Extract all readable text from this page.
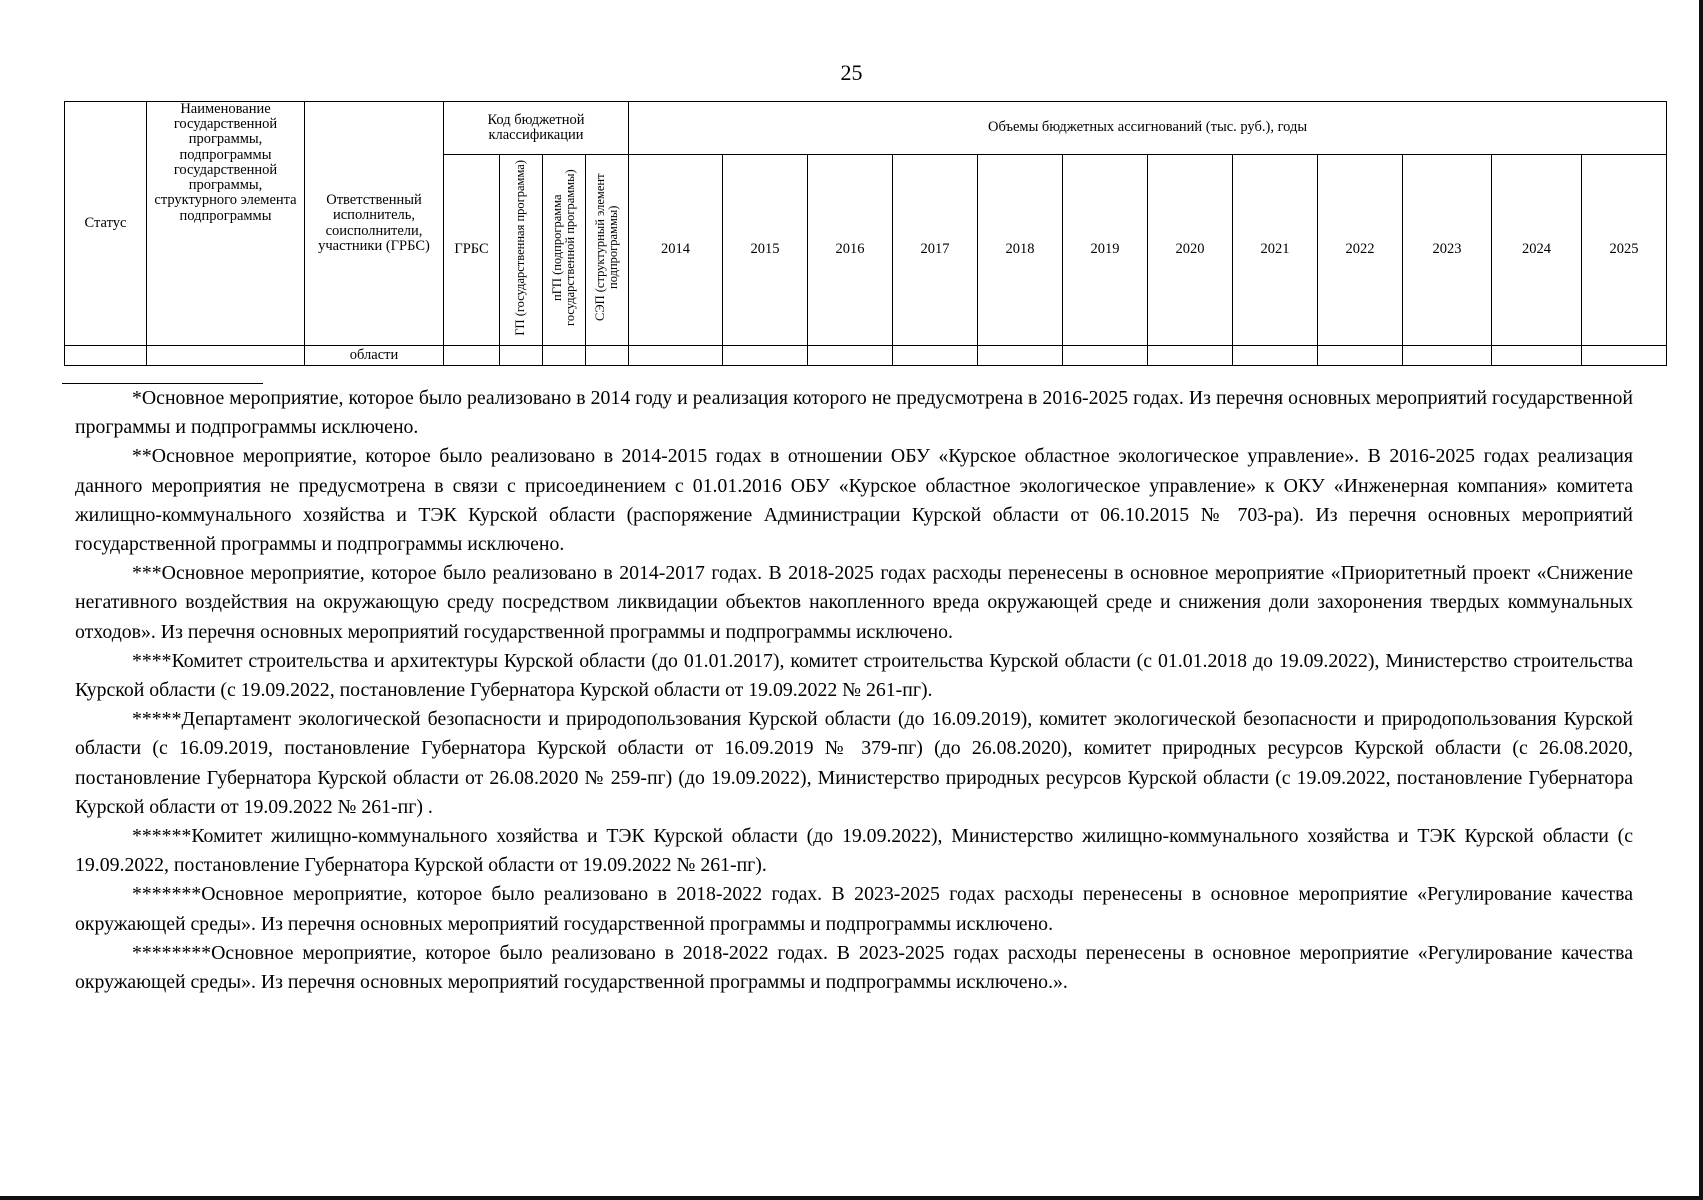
25
Статус	Наименование государственной программы, подпрограммы государственной программы, структурного элемента подпрограммы	Ответственный исполнитель, соисполнители, участники (ГРБС)	Код бюджетной классификации				Объемы бюджетных ассигнований (тыс. руб.), годы											
			ГРБС	ГП (государственная программа)	пГП (подпрограмма государственной программы)	СЭП (структурный элемент подпрограммы)	2014	2015	2016	2017	2018	2019	2020	2021	2022	2023	2024	2025
		области																

*Основное мероприятие, которое было реализовано в 2014 году и реализация которого не предусмотрена в 2016-2025 годах. Из перечня основных мероприятий государственной программы и подпрограммы исключено.

**Основное мероприятие, которое было реализовано в 2014-2015 годах в отношении ОБУ «Курское областное экологическое управление». В 2016-2025 годах реализация данного мероприятия не предусмотрена в связи с присоединением с 01.01.2016 ОБУ «Курское областное экологическое управление» к ОКУ «Инженерная компания» комитета жилищно-коммунального хозяйства и ТЭК Курской области (распоряжение Администрации Курской области от 06.10.2015 № 703-ра). Из перечня основных мероприятий государственной программы и подпрограммы исключено.

***Основное мероприятие, которое было реализовано в 2014-2017 годах. В 2018-2025 годах расходы перенесены в основное мероприятие «Приоритетный проект «Снижение негативного воздействия на окружающую среду посредством ликвидации объектов накопленного вреда окружающей среде и снижения доли захоронения твердых коммунальных отходов». Из перечня основных мероприятий государственной программы и подпрограммы исключено.

****Комитет строительства и архитектуры Курской области (до 01.01.2017), комитет строительства Курской области (с 01.01.2018 до 19.09.2022), Министерство строительства Курской области (с 19.09.2022, постановление Губернатора Курской области от 19.09.2022 № 261-пг).

*****Департамент экологической безопасности и природопользования Курской области (до 16.09.2019), комитет экологической безопасности и природопользования Курской области (с 16.09.2019, постановление Губернатора Курской области от 16.09.2019 № 379-пг) (до 26.08.2020), комитет природных ресурсов Курской области (с 26.08.2020, постановление Губернатора Курской области от 26.08.2020 № 259-пг) (до 19.09.2022), Министерство природных ресурсов Курской области (с 19.09.2022, постановление Губернатора Курской области от 19.09.2022 № 261-пг) .

******Комитет жилищно-коммунального хозяйства и ТЭК Курской области (до 19.09.2022), Министерство жилищно-коммунального хозяйства и ТЭК Курской области (с 19.09.2022, постановление Губернатора Курской области от 19.09.2022 № 261-пг).

*******Основное мероприятие, которое было реализовано в 2018-2022 годах. В 2023-2025 годах расходы перенесены в основное мероприятие «Регулирование качества окружающей среды». Из перечня основных мероприятий государственной программы и подпрограммы исключено.

********Основное мероприятие, которое было реализовано в 2018-2022 годах. В 2023-2025 годах расходы перенесены в основное мероприятие «Регулирование качества окружающей среды». Из перечня основных мероприятий государственной программы и подпрограммы исключено.».
